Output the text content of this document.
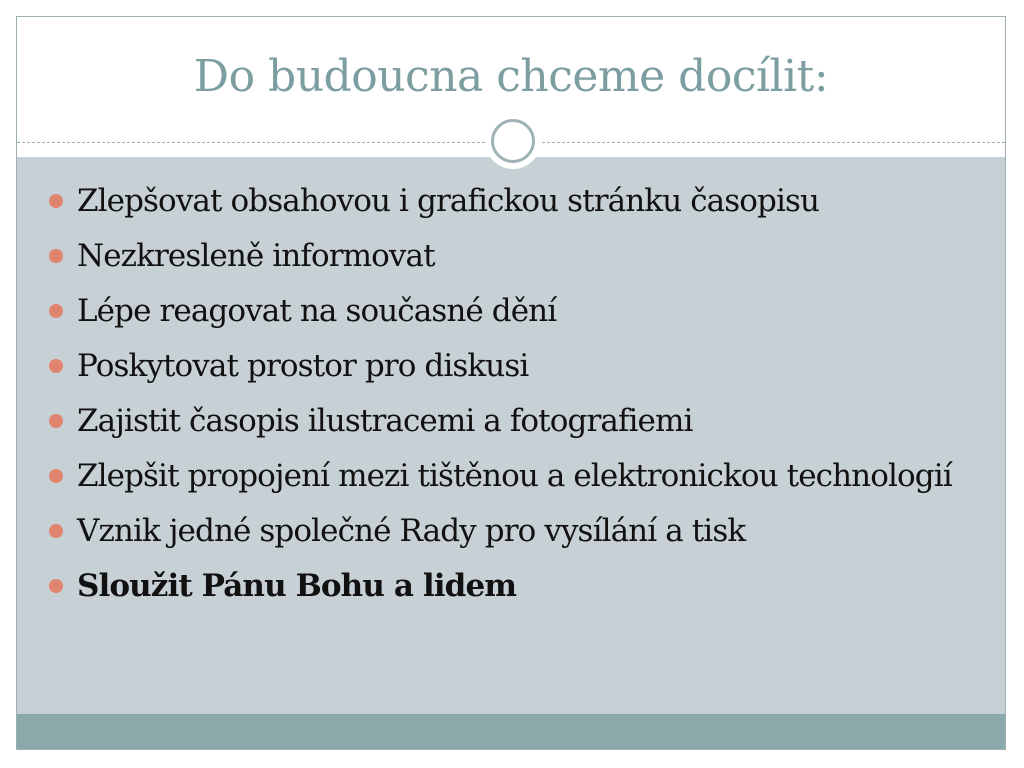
Do budoucna chceme docílit:
Zlepšovat obsahovou i grafickou stránku časopisu
Nezkresleně informovat
Lépe reagovat na současné dění
Poskytovat prostor pro diskusi
Zajistit časopis ilustracemi a fotografiemi
Zlepšit propojení mezi tištěnou a elektronickou technologií
Vznik jedné společné Rady pro vysílání a tisk
Sloužit Pánu Bohu a lidem
